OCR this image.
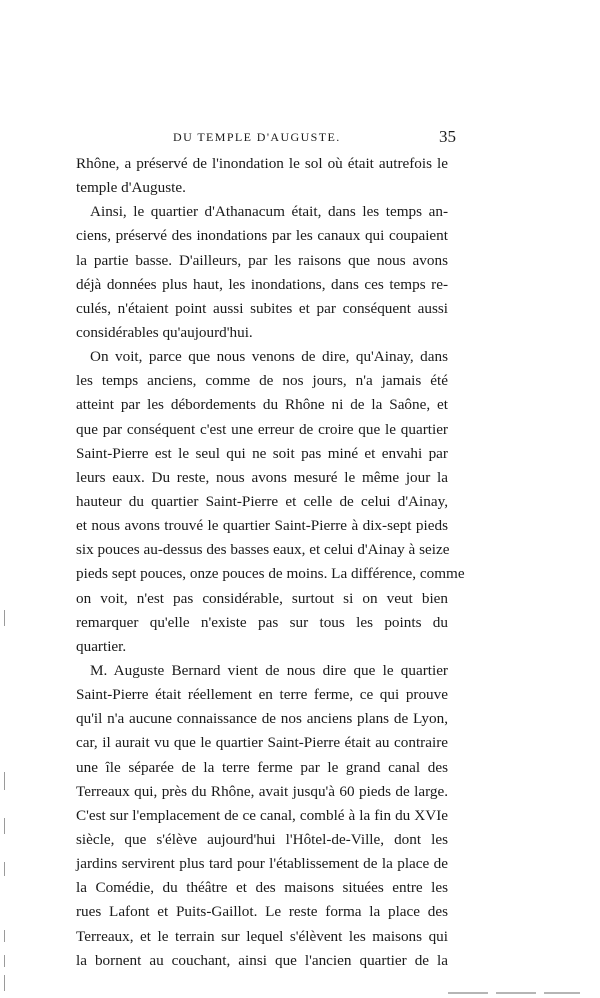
DU TEMPLE D'AUGUSTE.	35
Rhône, a préservé de l'inondation le sol où était autrefois le
temple d'Auguste.
Ainsi, le quartier d'Athanacum était, dans les temps an-
ciens, préservé des inondations par les canaux qui coupaient
la partie basse. D'ailleurs, par les raisons que nous avons
déjà données plus haut, les inondations, dans ces temps re-
culés, n'étaient point aussi subites et par conséquent aussi
considérables qu'aujourd'hui.
On voit, parce que nous venons de dire, qu'Ainay, dans
les temps anciens, comme de nos jours, n'a jamais été
atteint par les débordements du Rhône ni de la Saône, et
que par conséquent c'est une erreur de croire que le quartier
Saint-Pierre est le seul qui ne soit pas miné et envahi par
leurs eaux. Du reste, nous avons mesuré le même jour la
hauteur du quartier Saint-Pierre et celle de celui d'Ainay,
et nous avons trouvé le quartier Saint-Pierre à dix-sept pieds
six pouces au-dessus des basses eaux, et celui d'Ainay à seize
pieds sept pouces, onze pouces de moins. La différence, comme
on voit, n'est pas considérable, surtout si on veut bien
remarquer qu'elle n'existe pas sur tous les points du
quartier.
M. Auguste Bernard vient de nous dire que le quartier
Saint-Pierre était réellement en terre ferme, ce qui prouve
qu'il n'a aucune connaissance de nos anciens plans de Lyon,
car, il aurait vu que le quartier Saint-Pierre était au contraire
une île séparée de la terre ferme par le grand canal des
Terreaux qui, près du Rhône, avait jusqu'à 60 pieds de large.
C'est sur l'emplacement de ce canal, comblé à la fin du XVIe
siècle, que s'élève aujourd'hui l'Hôtel-de-Ville, dont les
jardins servirent plus tard pour l'établissement de la place de
la Comédie, du théâtre et des maisons situées entre les
rues Lafont et Puits-Gaillot. Le reste forma la place des
Terreaux, et le terrain sur lequel s'élèvent les maisons qui
la bornent au couchant, ainsi que l'ancien quartier de la
